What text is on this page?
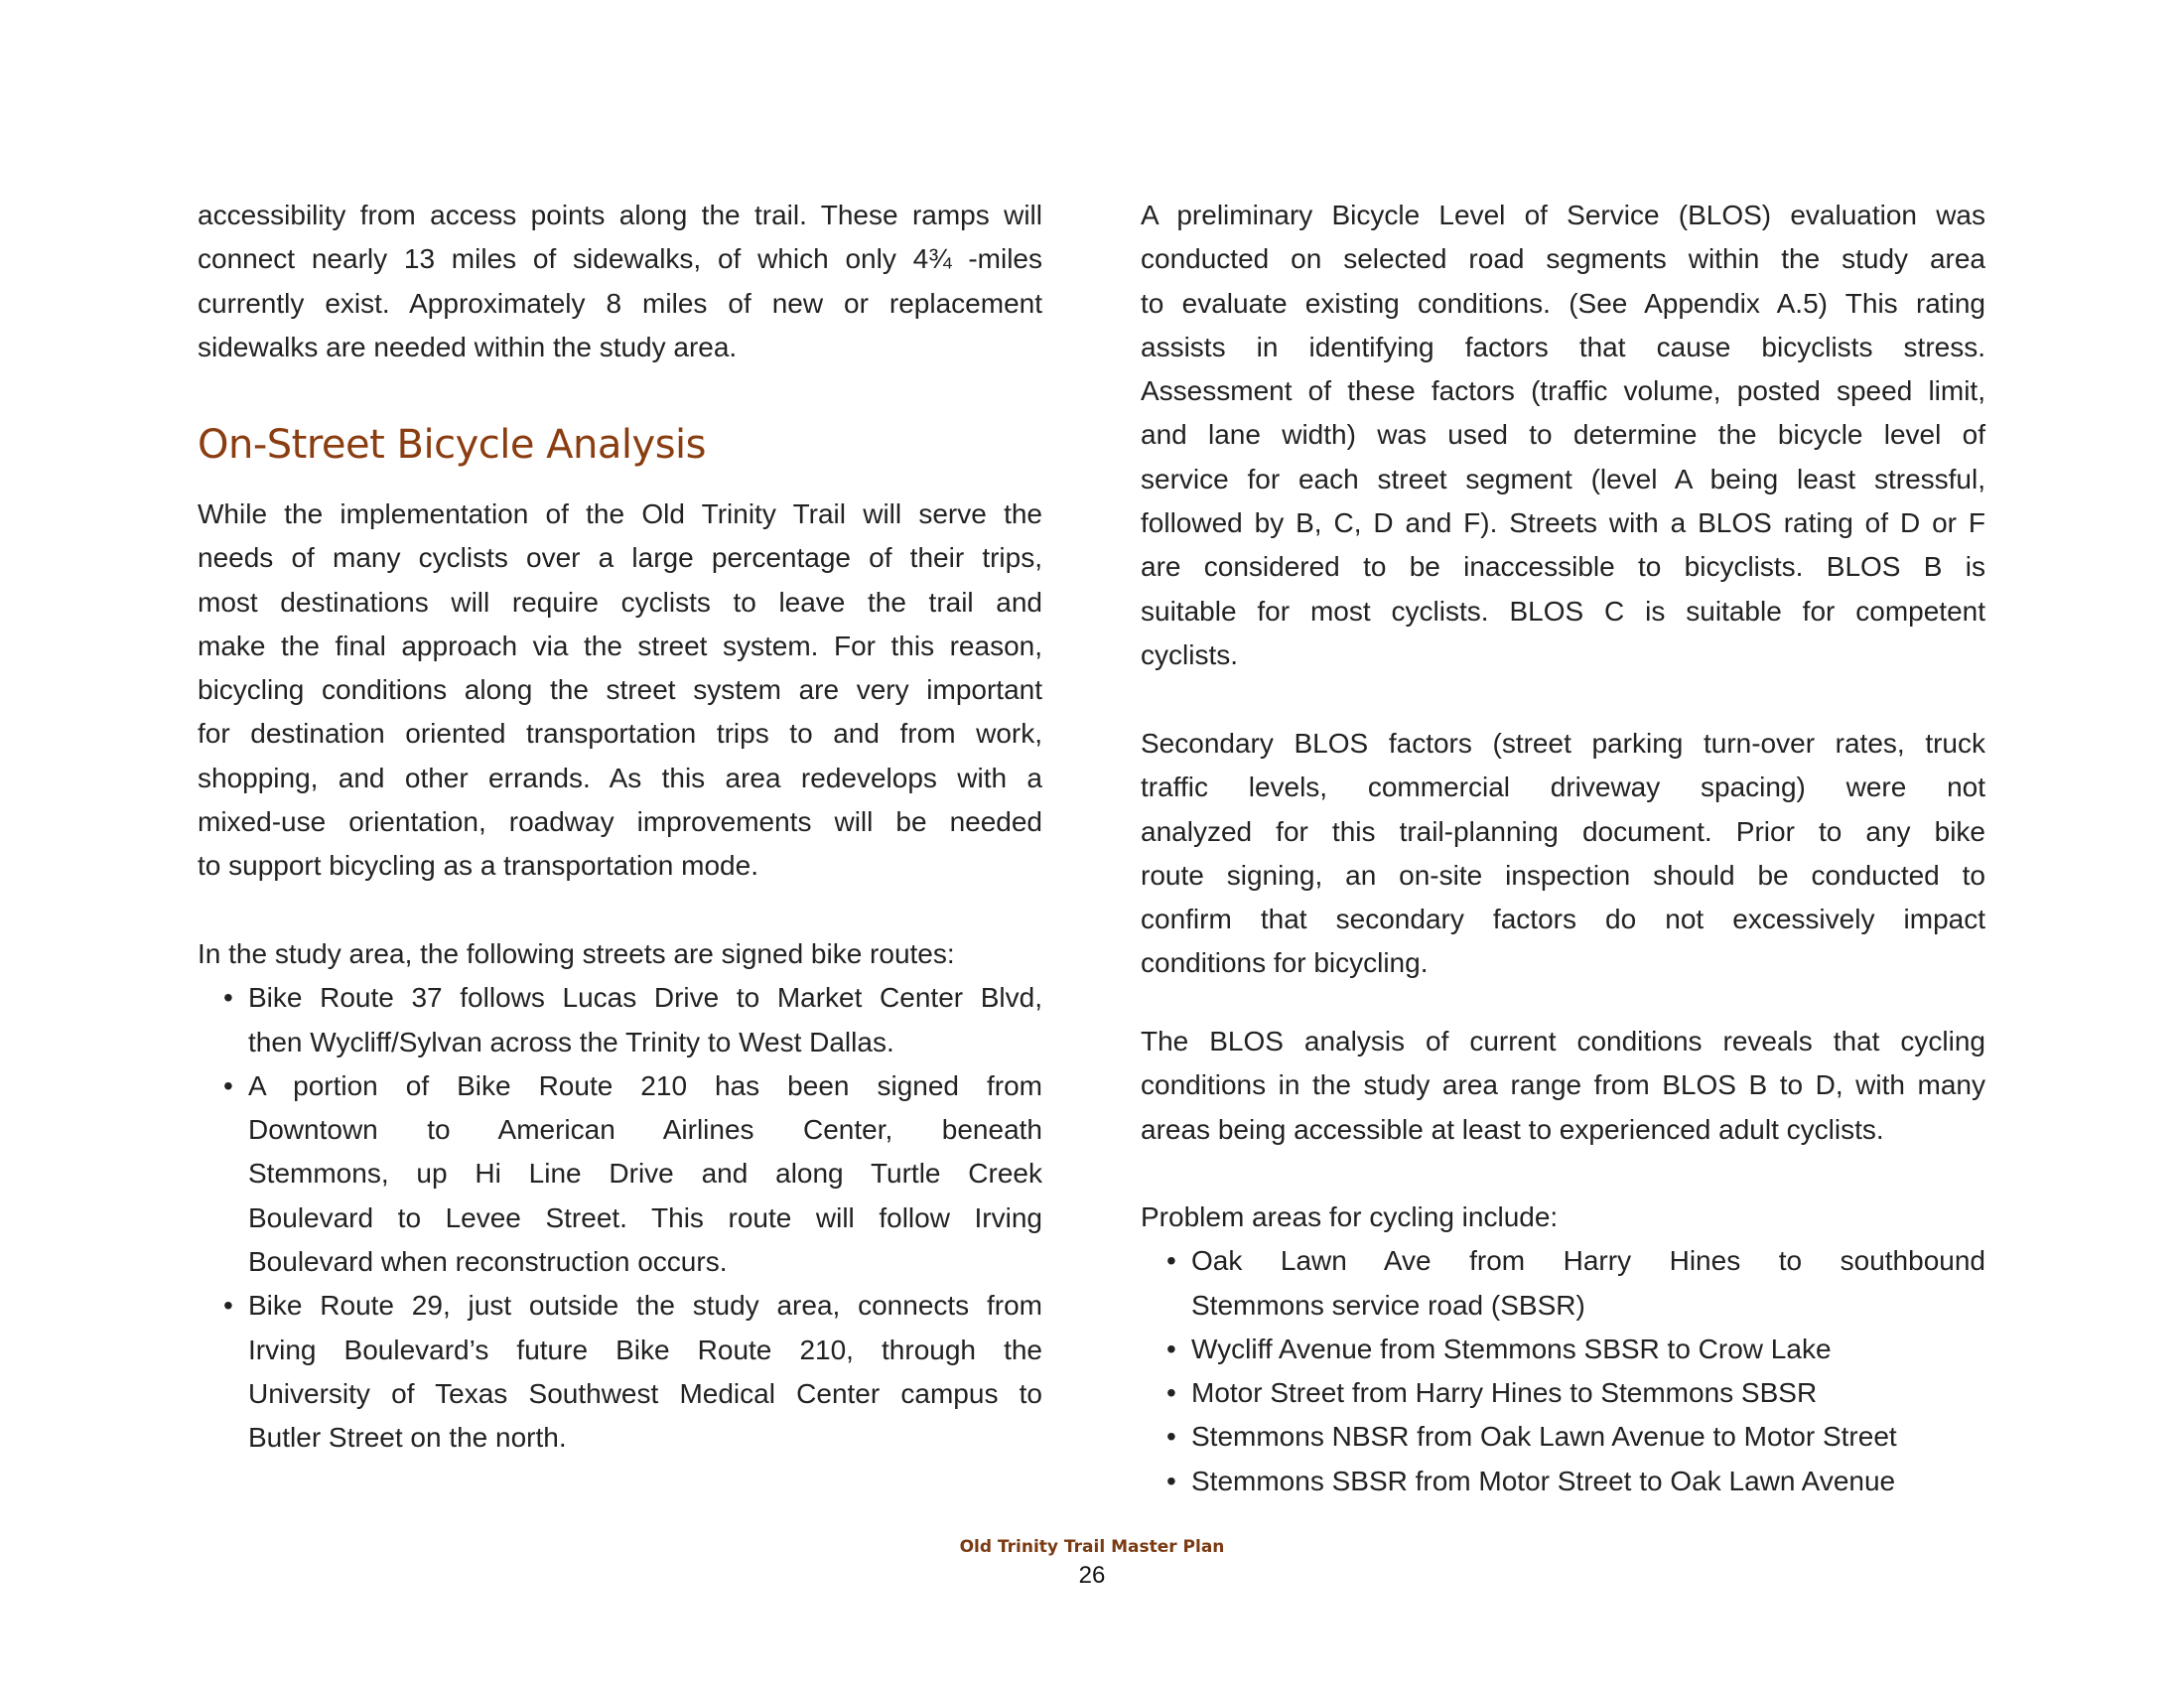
accessibility from access points along the trail. These ramps will
connect nearly 13 miles of sidewalks, of which only 4¾ -miles
currently exist. Approximately 8 miles of new or replacement
sidewalks are needed within the study area.
On-Street Bicycle Analysis
While the implementation of the Old Trinity Trail will serve the
needs of many cyclists over a large percentage of their trips,
most destinations will require cyclists to leave the trail and
make the final approach via the street system. For this reason,
bicycling conditions along the street system are very important
for destination oriented transportation trips to and from work,
shopping, and other errands. As this area redevelops with a
mixed-use orientation, roadway improvements will be needed
to support bicycling as a transportation mode.
In the study area, the following streets are signed bike routes:
• Bike Route 37 follows Lucas Drive to Market Center Blvd,
then Wycliff/Sylvan across the Trinity to West Dallas.
• A portion of Bike Route 210 has been signed from
Downtown to American Airlines Center, beneath
Stemmons, up Hi Line Drive and along Turtle Creek
Boulevard to Levee Street. This route will follow Irving
Boulevard when reconstruction occurs.
• Bike Route 29, just outside the study area, connects from
Irving Boulevard’s future Bike Route 210, through the
University of Texas Southwest Medical Center campus to
Butler Street on the north.
A preliminary Bicycle Level of Service (BLOS) evaluation was
conducted on selected road segments within the study area
to evaluate existing conditions. (See Appendix A.5) This rating
assists in identifying factors that cause bicyclists stress.
Assessment of these factors (traffic volume, posted speed limit,
and lane width) was used to determine the bicycle level of
service for each street segment (level A being least stressful,
followed by B, C, D and F). Streets with a BLOS rating of D or F
are considered to be inaccessible to bicyclists. BLOS B is
suitable for most cyclists. BLOS C is suitable for competent
cyclists.
Secondary BLOS factors (street parking turn-over rates, truck
traffic levels, commercial driveway spacing) were not
analyzed for this trail-planning document. Prior to any bike
route signing, an on-site inspection should be conducted to
confirm that secondary factors do not excessively impact
conditions for bicycling.
The BLOS analysis of current conditions reveals that cycling
conditions in the study area range from BLOS B to D, with many
areas being accessible at least to experienced adult cyclists.
Problem areas for cycling include:
• Oak Lawn Ave from Harry Hines to southbound
Stemmons service road (SBSR)
• Wycliff Avenue from Stemmons SBSR to Crow Lake
• Motor Street from Harry Hines to Stemmons SBSR
• Stemmons NBSR from Oak Lawn Avenue to Motor Street
• Stemmons SBSR from Motor Street to Oak Lawn Avenue
Old Trinity Trail Master Plan
26
